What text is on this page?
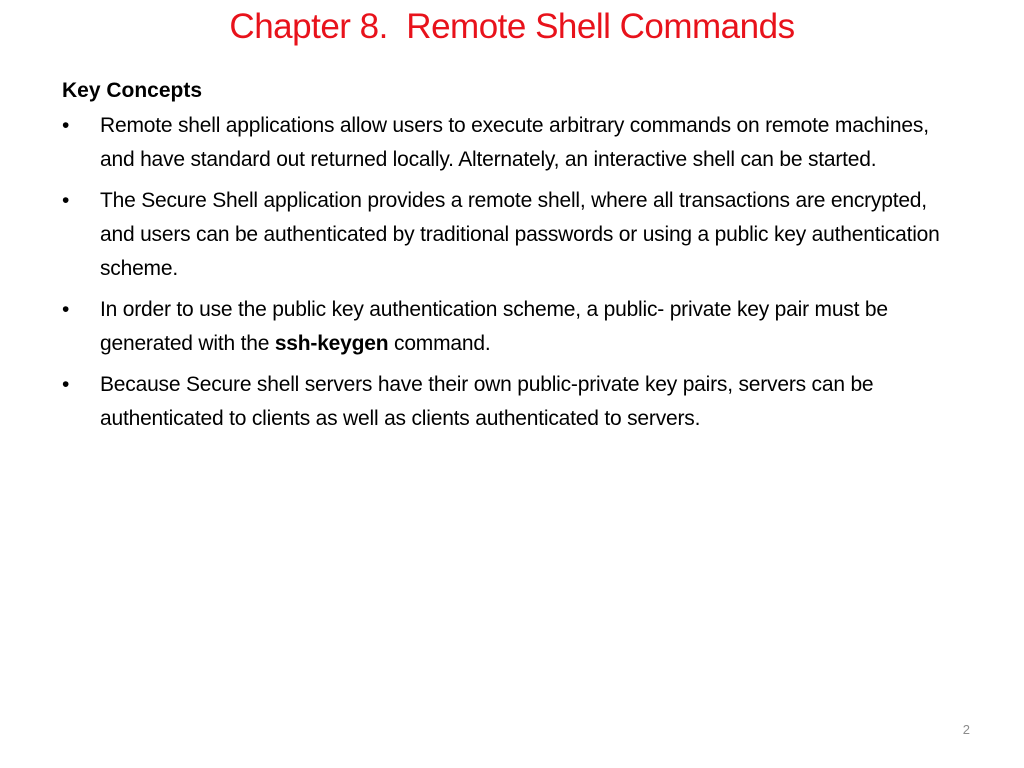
Chapter 8.  Remote Shell Commands
Key Concepts
• Remote shell applications allow users to execute arbitrary commands on remote machines, and have standard out returned locally. Alternately, an interactive shell can be started.
• The Secure Shell application provides a remote shell, where all transactions are encrypted, and users can be authenticated by traditional passwords or using a public key authentication scheme.
• In order to use the public key authentication scheme, a public- private key pair must be generated with the ssh-keygen command.
• Because Secure shell servers have their own public-private key pairs, servers can be authenticated to clients as well as clients authenticated to servers.
2
